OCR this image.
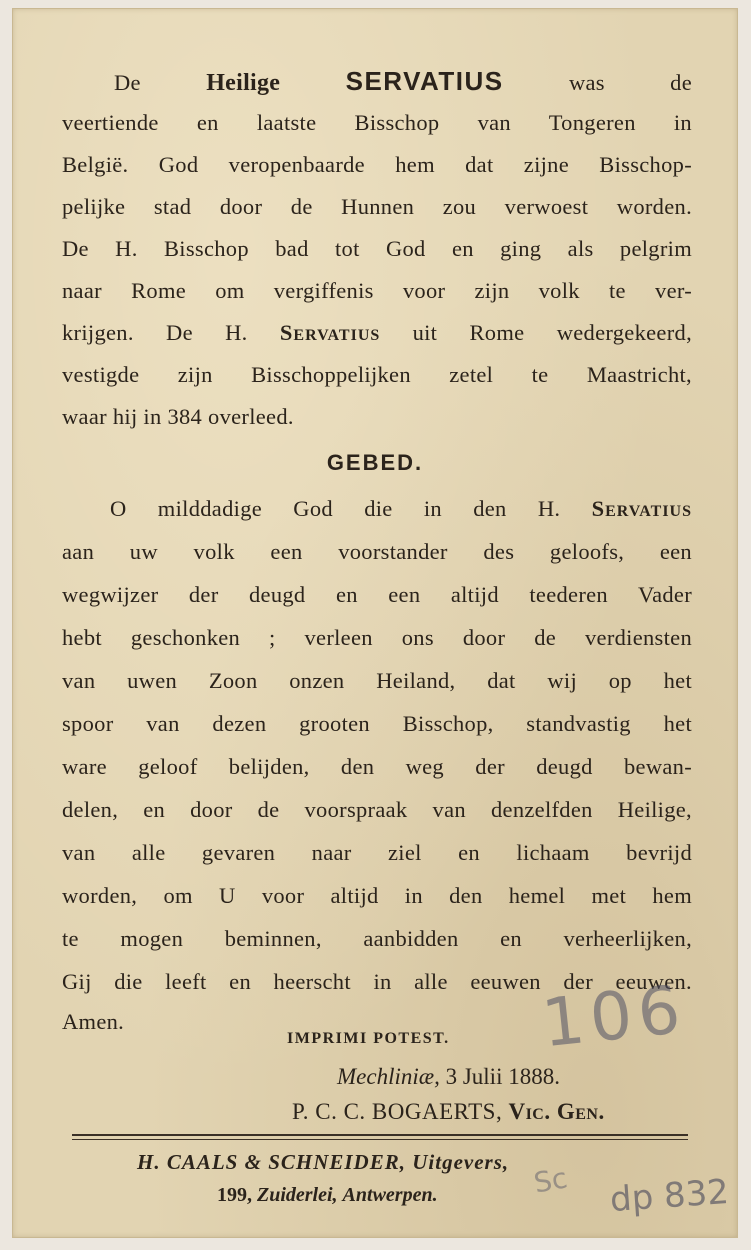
De	Heilige	SERVATIUS	was de
veertiende en laatste Bisschop van Tongeren in
België. God veropenbaarde hem dat zijne Bisschop-
pelijke stad door de Hunnen zou verwoest worden.
De H. Bisschop bad tot God en ging als pelgrim
naar Rome om vergiffenis voor zijn volk te ver-
krijgen. De H. Servatius uit Rome wedergekeerd,
vestigde zijn Bisschoppelijken zetel te Maastricht,
waar hij in 384 overleed.
GEBED.
O milddadige God die in den H. Servatius
aan uw volk een voorstander des geloofs, een
wegwijzer der deugd en een altijd teederen Vader
hebt geschonken ; verleen ons door de verdiensten
van uwen Zoon onzen Heiland, dat wij op het
spoor van dezen grooten Bisschop, standvastig het
ware geloof belijden, den weg der deugd bewan-
delen, en door de voorspraak van denzelfden Heilige,
van alle gevaren naar ziel en lichaam bevrijd
worden, om U voor altijd in den hemel met hem
te mogen beminnen, aanbidden en verheerlijken,
Gij die leeft en heerscht in alle eeuwen der eeuwen.
Amen.
IMPRIMI POTEST.
Mechliniæ, 3 Julii 1888.
P. C. C. BOGAERTS, Vic. Gen.
H. CAALS & SCHNEIDER, Uitgevers,
199, Zuiderlei, Antwerpen.
106
Sc dp 832
